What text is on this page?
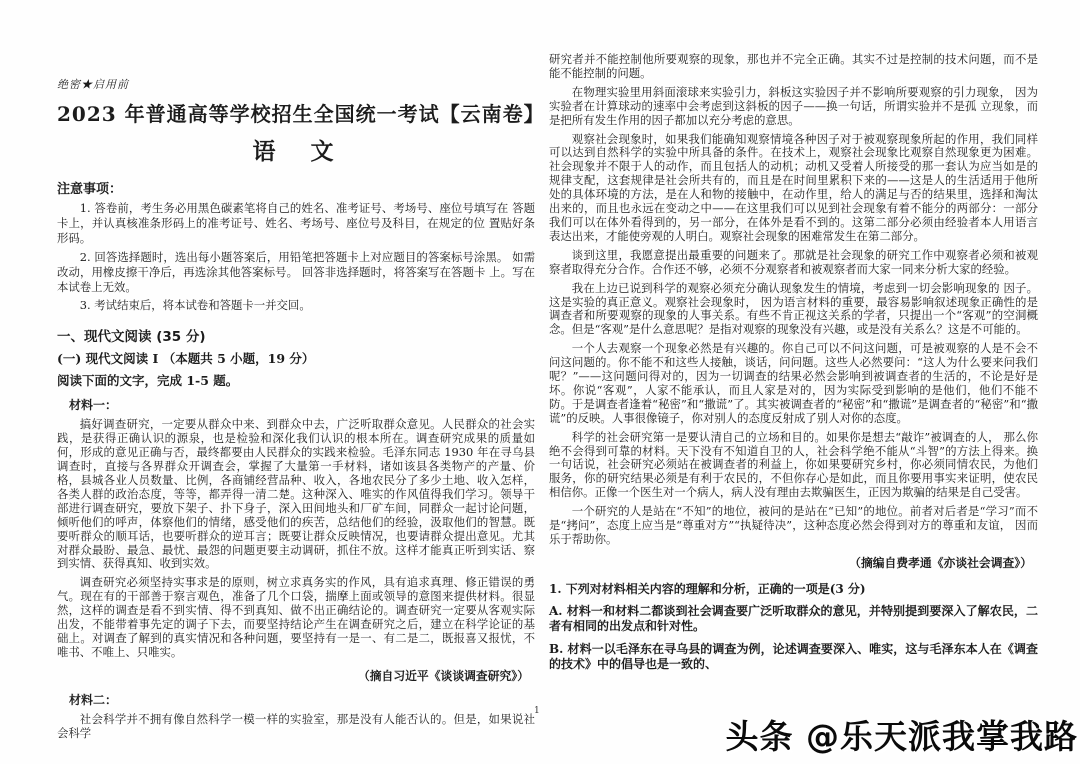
绝密★启用前

2023 年普通高等学校招生全国统一考试【云南卷】
语　文

注意事项：

1. 答卷前，考生务必用黑色碳素笔将自己的姓名、准考证号、考场号、座位号填写在 答题卡上，并认真核准条形码上的准考证号、姓名、考场号、座位号及科目，在规定的位 置贴好条形码。

2. 回答选择题时，选出每小题答案后，用铅笔把答题卡上对应题目的答案标号涂黑。 如需改动，用橡皮擦干净后，再选涂其他答案标号。 回答非选择题时，将答案写在答题卡 上。写在本试卷上无效。

3. 考试结束后，将本试卷和答题卡一并交回。

一、现代文阅读 (35 分)

(一) 现代文阅读 I （本题共 5 小题，19 分）

阅读下面的文字，完成 1-5 题。

材料一：

搞好调查研究，一定要从群众中来、到群众中去，广泛听取群众意见。人民群众的社会实践，是获得正确认识的源泉，也是检验和深化我们认识的根本所在。调查研究成果的质量如何，形成的意见正确与否，最终都要由人民群众的实践来检验。毛泽东同志 1930 年在寻乌县调查时，直接与各界群众开调查会，掌握了大量第一手材料，诸如该县各类物产的产量、价格，县城各业人员数量、比例，各商铺经营品种、收入，各地农民分了多少土地、收入怎样，各类人群的政治态度，等等，都弄得一清二楚。这种深入、唯实的作风值得我们学习。领导干部进行调查研究，要放下架子、扑下身子，深入田间地头和厂矿车间，同群众一起讨论问题，倾听他们的呼声，体察他们的情绪，感受他们的疾苦，总结他们的经验，汲取他们的智慧。既要听群众的顺耳话，也要听群众的逆耳言；既要让群众反映情况，也要请群众提出意见。尤其对群众最盼、最急、最忧、最怨的问题更要主动调研，抓住不放。这样才能真正听到实话、察到实情、获得真知、收到实效。

调查研究必须坚持实事求是的原则，树立求真务实的作风，具有追求真理、修正错误的勇气。现在有的干部善于察言观色，准备了几个口袋，揣摩上面或领导的意图来提供材料。很显然，这样的调查是看不到实情、得不到真知、做不出正确结论的。调查研究一定要从客观实际出发，不能带着事先定的调子下去，而要坚持结论产生在调查研究之后，建立在科学论证的基础上。对调查了解到的真实情况和各种问题，要坚持有一是一、有二是二，既报喜又报忧，不唯书、不唯上、只唯实。

（摘自习近平《谈谈调查研究》）

材料二：

社会科学并不拥有像自然科学一模一样的实验室，那是没有人能否认的。但是，如果说社会科学

研究者并不能控制他所要观察的现象，那也并不完全正确。其实不过是控制的技术问题，而不是能不能控制的问题。

在物理实验里用斜面滚球来实验引力，斜板这实验因子并不影响所要观察的引力现象， 因为实验者在计算球动的速率中会考虑到这斜板的因子——换一句话，所谓实验并不是孤 立现象，而是把所有发生作用的因子都加以充分考虑的意思。

观察社会现象时，如果我们能确知观察情境各种因子对于被观察现象所起的作用，我们同样可以达到自然科学的实验中所具备的条件。在技术上，观察社会现象比观察自然现象更为困难。社会现象并不限于人的动作，而且包括人的动机；动机又受着人所接受的那一套认为应当如是的规律支配，这套规律是社会所共有的，而且是在时间里累积下来的——这是人的生活适用于他所处的具体环境的方法，是在人和物的接触中，在动作里，给人的满足与否的结果里，选择和淘汰出来的，而且也永远在变动之中——在这里我们可以见到社会现象有着不能分的两部分：一部分我们可以在体外看得到的，另一部分，在体外是看不到的。这第二部分必须由经验者本人用语言表达出来，才能使旁观的人明白。观察社会现象的困难常发生在第二部分。

谈到这里，我愿意提出最重要的问题来了。那就是社会现象的研究工作中观察者必须和被观察者取得充分合作。合作还不够，必须不分观察者和被观察者而大家一同来分析大家的经验。

我在上边已说到科学的观察必须充分确认现象发生的情境，考虑到一切会影响现象的 因子。这是实验的真正意义。观察社会现象时， 因为语言材料的重要，最容易影响叙述现象正确性的是调查者和所要观察的现象的人事关系。有些不肯正视这关系的学者，只提出一个“客观”的空洞概念。但是“客观”是什么意思呢？是指对观察的现象没有兴趣，或是没有关系么？这是不可能的。

一个人去观察一个现象必然是有兴趣的。你自己可以不问这问题，可是被观察的人是不会不问这问题的。你不能不和这些人接触，谈话，问问题。这些人必然要问：“这人为什么要来问我们呢？”——这问题问得对的，因为一切调查的结果必然会影响到被调查者的生活的，不论是好是坏。你说“客观”，人家不能承认，而且人家是对的，因为实际受到影响的是他们，他们不能不防。于是调查者逢着“秘密”和“撒谎”了。其实被调查者的“秘密”和“撒谎”是调查者的“秘密”和“撒谎”的反映。人事很像镜子，你对别人的态度反射成了别人对你的态度。

科学的社会研究第一是要认清自己的立场和目的。如果你是想去“敲诈”被调查的人， 那么你绝不会得到可靠的材料。天下没有不知道自卫的人，社会科学绝不能从“斗智”的方法上得来。换一句话说，社会研究必须站在被调查者的利益上，你如果要研究乡村，你必须同情农民，为他们服务，你的研究结果必须是有利于农民的，不但你存心是如此，而且你要用事实来证明，使农民相信你。正像一个医生对一个病人，病人没有理由去欺骗医生，正因为欺骗的结果是自己受害。

一个研究的人是站在“不知”的地位，被问的是站在“已知”的地位。前者对后者是“学习”而不是“拷问”，态度上应当是“尊重对方”“执疑待决”，这种态度必然会得到对方的尊重和友谊， 因而乐于帮助你。

（摘编自费孝通《亦谈社会调查》）

1. 下列对材料相关内容的理解和分析，正确的一项是(3 分)

A. 材料一和材料二都谈到社会调查要广泛听取群众的意见，并特别提到要深入了解农民，二者有相同的出发点和针对性。

B. 材料一以毛泽东在寻乌县的调查为例，论述调查要深入、唯实，这与毛泽东本人在《调查的技术》中的倡导也是一致的、

1
头条 @乐天派我掌我路
